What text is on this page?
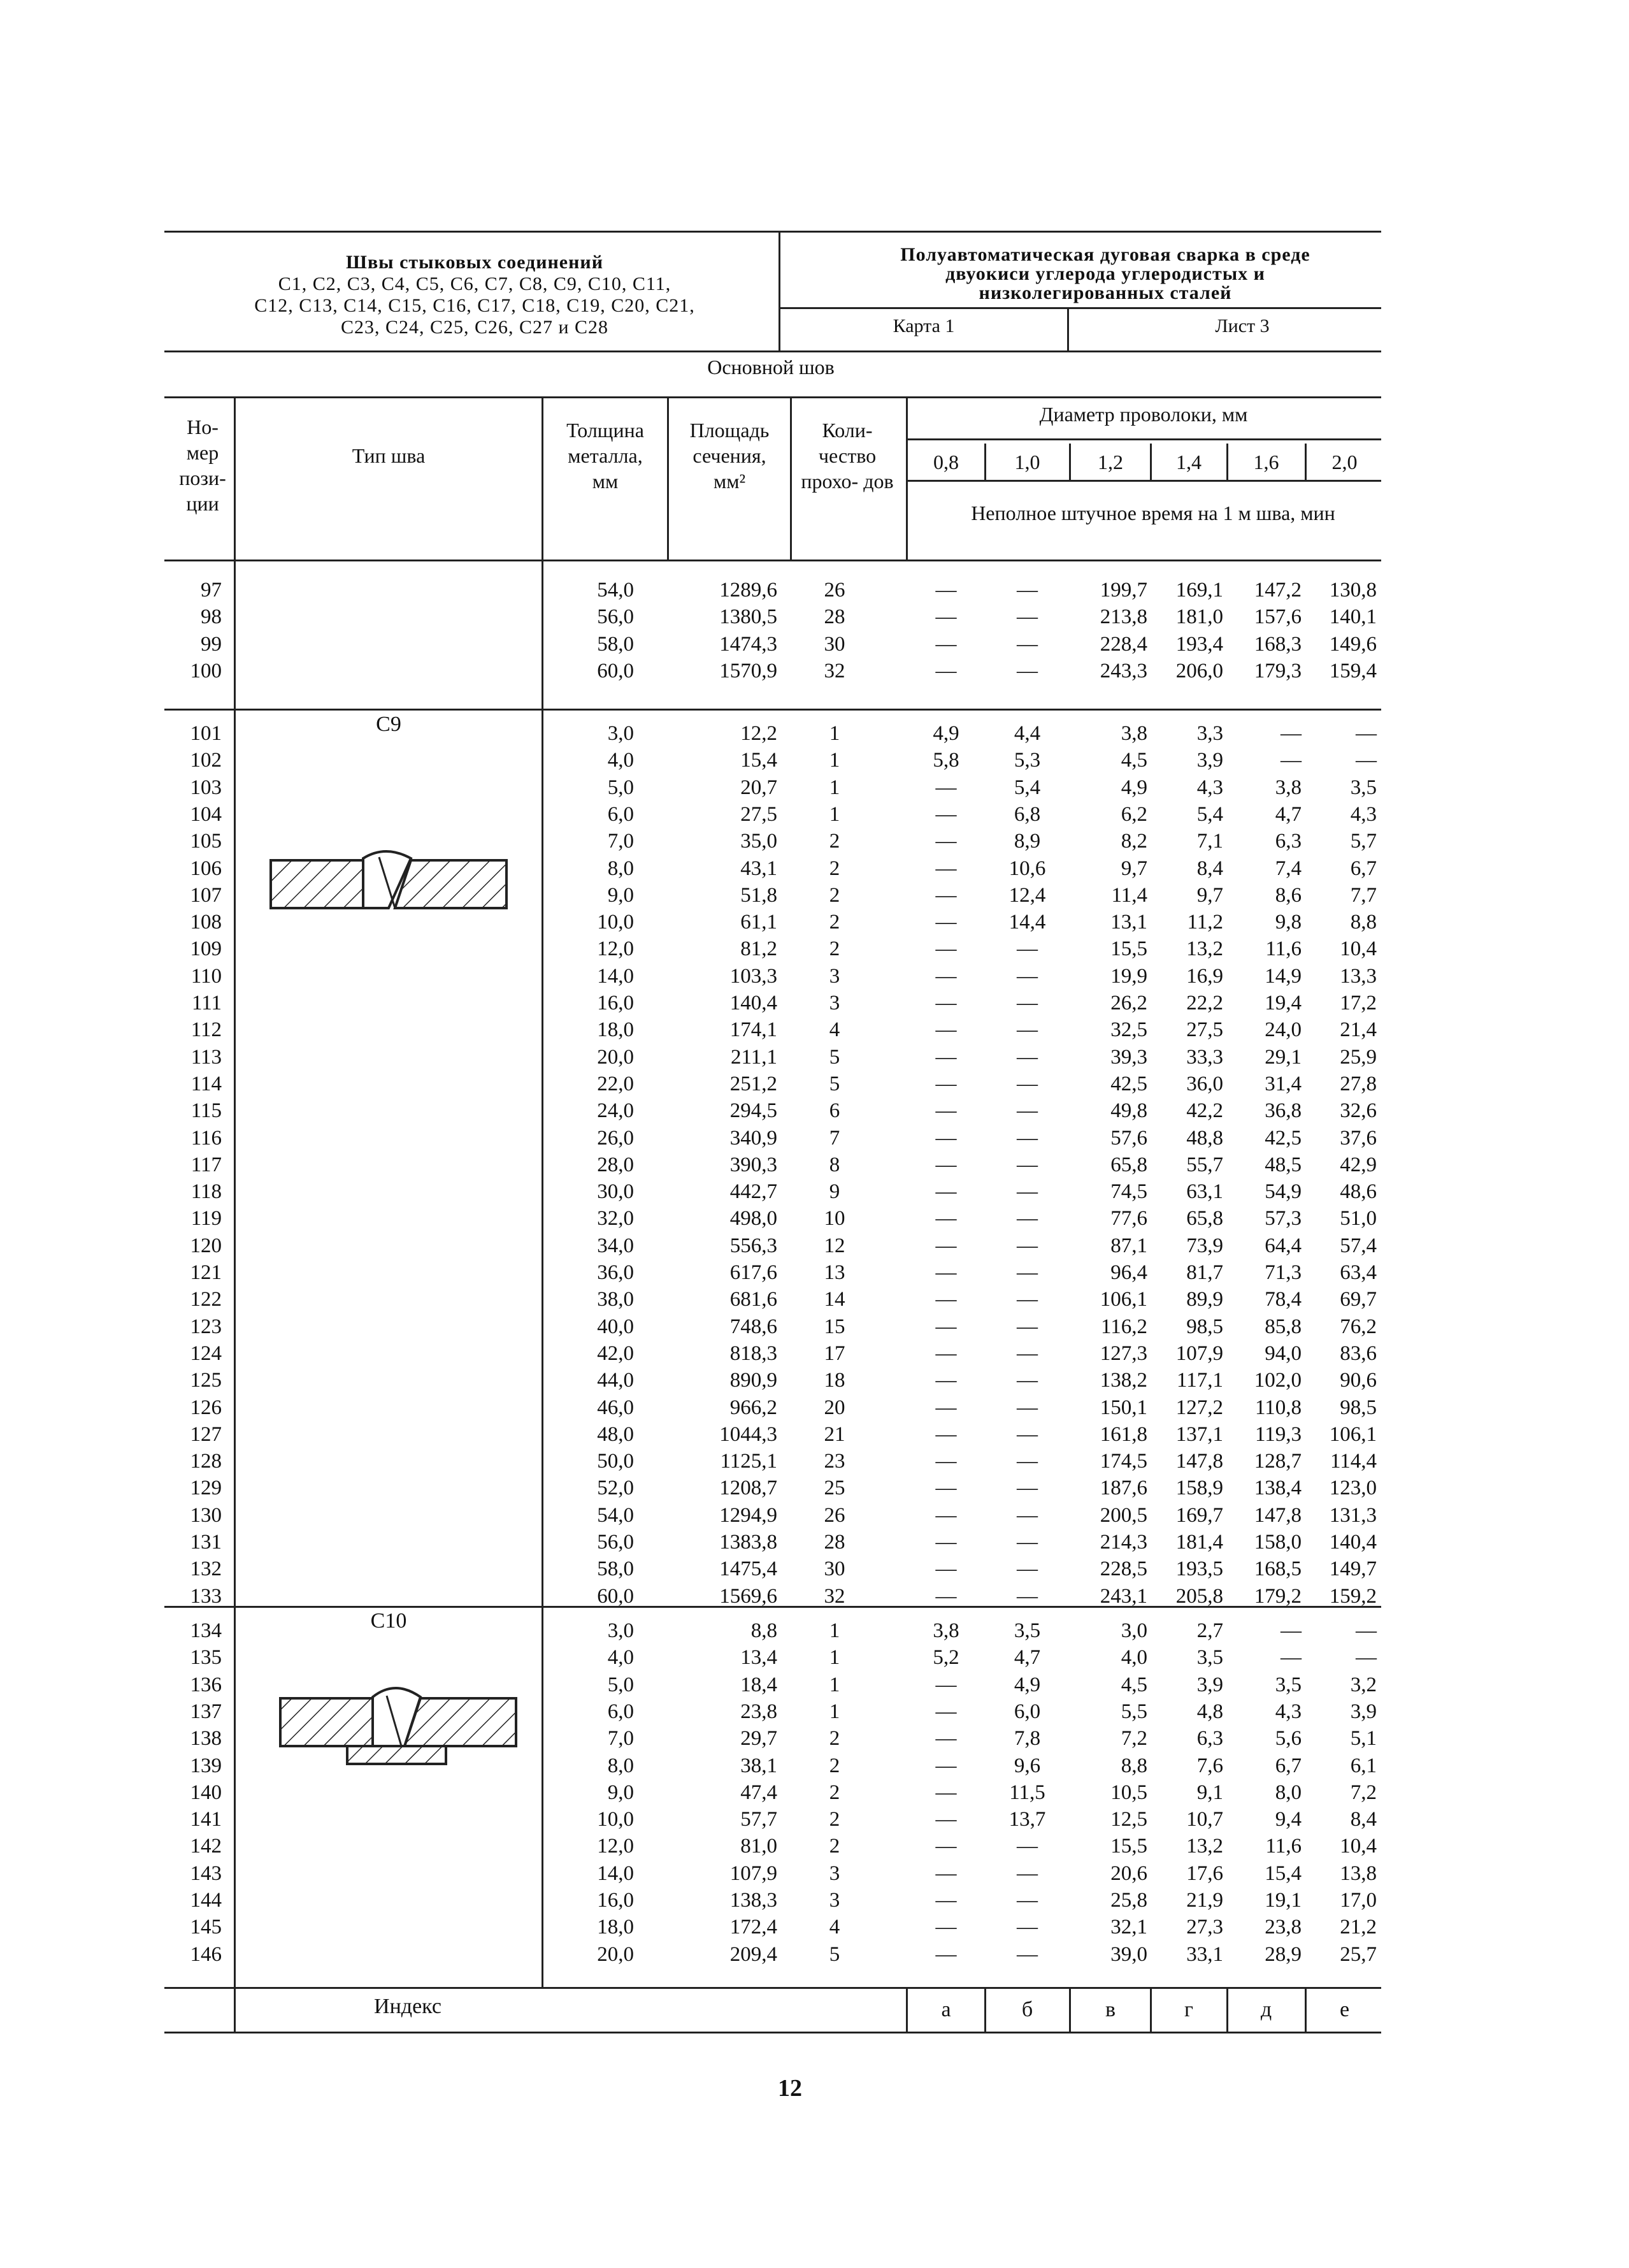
Швы стыковых соединений
С1, С2, С3, С4, С5, С6, С7, С8, С9, С10, С11,
С12, С13, С14, С15, С16, С17, С18, С19, С20, С21,
С23, С24, С25, С26, С27 и С28
Полуавтоматическая дуговая сварка в среде
двуокиси углерода углеродистых и
низколегированных сталей
Карта 1	Лист 3
Основной шов
Но- мер пози- ции
Тип шва
Толщина металла, мм
Площадь сечения, мм²
Коли- чество прохо- дов
Диаметр проволоки, мм
0,8	1,0	1,2	1,4	1,6	2,0
Неполное штучное время на 1 м шва, мин
С9
С10
97	54,0	1289,6	26	—	—	199,7	169,1	147,2	130,8
98	56,0	1380,5	28	—	—	213,8	181,0	157,6	140,1
99	58,0	1474,3	30	—	—	228,4	193,4	168,3	149,6
100	60,0	1570,9	32	—	—	243,3	206,0	179,3	159,4
101	3,0	12,2	1	4,9	4,4	3,8	3,3	—	—
102	4,0	15,4	1	5,8	5,3	4,5	3,9	—	—
103	5,0	20,7	1	—	5,4	4,9	4,3	3,8	3,5
104	6,0	27,5	1	—	6,8	6,2	5,4	4,7	4,3
105	7,0	35,0	2	—	8,9	8,2	7,1	6,3	5,7
106	8,0	43,1	2	—	10,6	9,7	8,4	7,4	6,7
107	9,0	51,8	2	—	12,4	11,4	9,7	8,6	7,7
108	10,0	61,1	2	—	14,4	13,1	11,2	9,8	8,8
109	12,0	81,2	2	—	—	15,5	13,2	11,6	10,4
110	14,0	103,3	3	—	—	19,9	16,9	14,9	13,3
111	16,0	140,4	3	—	—	26,2	22,2	19,4	17,2
112	18,0	174,1	4	—	—	32,5	27,5	24,0	21,4
113	20,0	211,1	5	—	—	39,3	33,3	29,1	25,9
114	22,0	251,2	5	—	—	42,5	36,0	31,4	27,8
115	24,0	294,5	6	—	—	49,8	42,2	36,8	32,6
116	26,0	340,9	7	—	—	57,6	48,8	42,5	37,6
117	28,0	390,3	8	—	—	65,8	55,7	48,5	42,9
118	30,0	442,7	9	—	—	74,5	63,1	54,9	48,6
119	32,0	498,0	10	—	—	77,6	65,8	57,3	51,0
120	34,0	556,3	12	—	—	87,1	73,9	64,4	57,4
121	36,0	617,6	13	—	—	96,4	81,7	71,3	63,4
122	38,0	681,6	14	—	—	106,1	89,9	78,4	69,7
123	40,0	748,6	15	—	—	116,2	98,5	85,8	76,2
124	42,0	818,3	17	—	—	127,3	107,9	94,0	83,6
125	44,0	890,9	18	—	—	138,2	117,1	102,0	90,6
126	46,0	966,2	20	—	—	150,1	127,2	110,8	98,5
127	48,0	1044,3	21	—	—	161,8	137,1	119,3	106,1
128	50,0	1125,1	23	—	—	174,5	147,8	128,7	114,4
129	52,0	1208,7	25	—	—	187,6	158,9	138,4	123,0
130	54,0	1294,9	26	—	—	200,5	169,7	147,8	131,3
131	56,0	1383,8	28	—	—	214,3	181,4	158,0	140,4
132	58,0	1475,4	30	—	—	228,5	193,5	168,5	149,7
133	60,0	1569,6	32	—	—	243,1	205,8	179,2	159,2
134	3,0	8,8	1	3,8	3,5	3,0	2,7	—	—
135	4,0	13,4	1	5,2	4,7	4,0	3,5	—	—
136	5,0	18,4	1	—	4,9	4,5	3,9	3,5	3,2
137	6,0	23,8	1	—	6,0	5,5	4,8	4,3	3,9
138	7,0	29,7	2	—	7,8	7,2	6,3	5,6	5,1
139	8,0	38,1	2	—	9,6	8,8	7,6	6,7	6,1
140	9,0	47,4	2	—	11,5	10,5	9,1	8,0	7,2
141	10,0	57,7	2	—	13,7	12,5	10,7	9,4	8,4
142	12,0	81,0	2	—	—	15,5	13,2	11,6	10,4
143	14,0	107,9	3	—	—	20,6	17,6	15,4	13,8
144	16,0	138,3	3	—	—	25,8	21,9	19,1	17,0
145	18,0	172,4	4	—	—	32,1	27,3	23,8	21,2
146	20,0	209,4	5	—	—	39,0	33,1	28,9	25,7
Индекс	а	б	в	г	д	е
12
